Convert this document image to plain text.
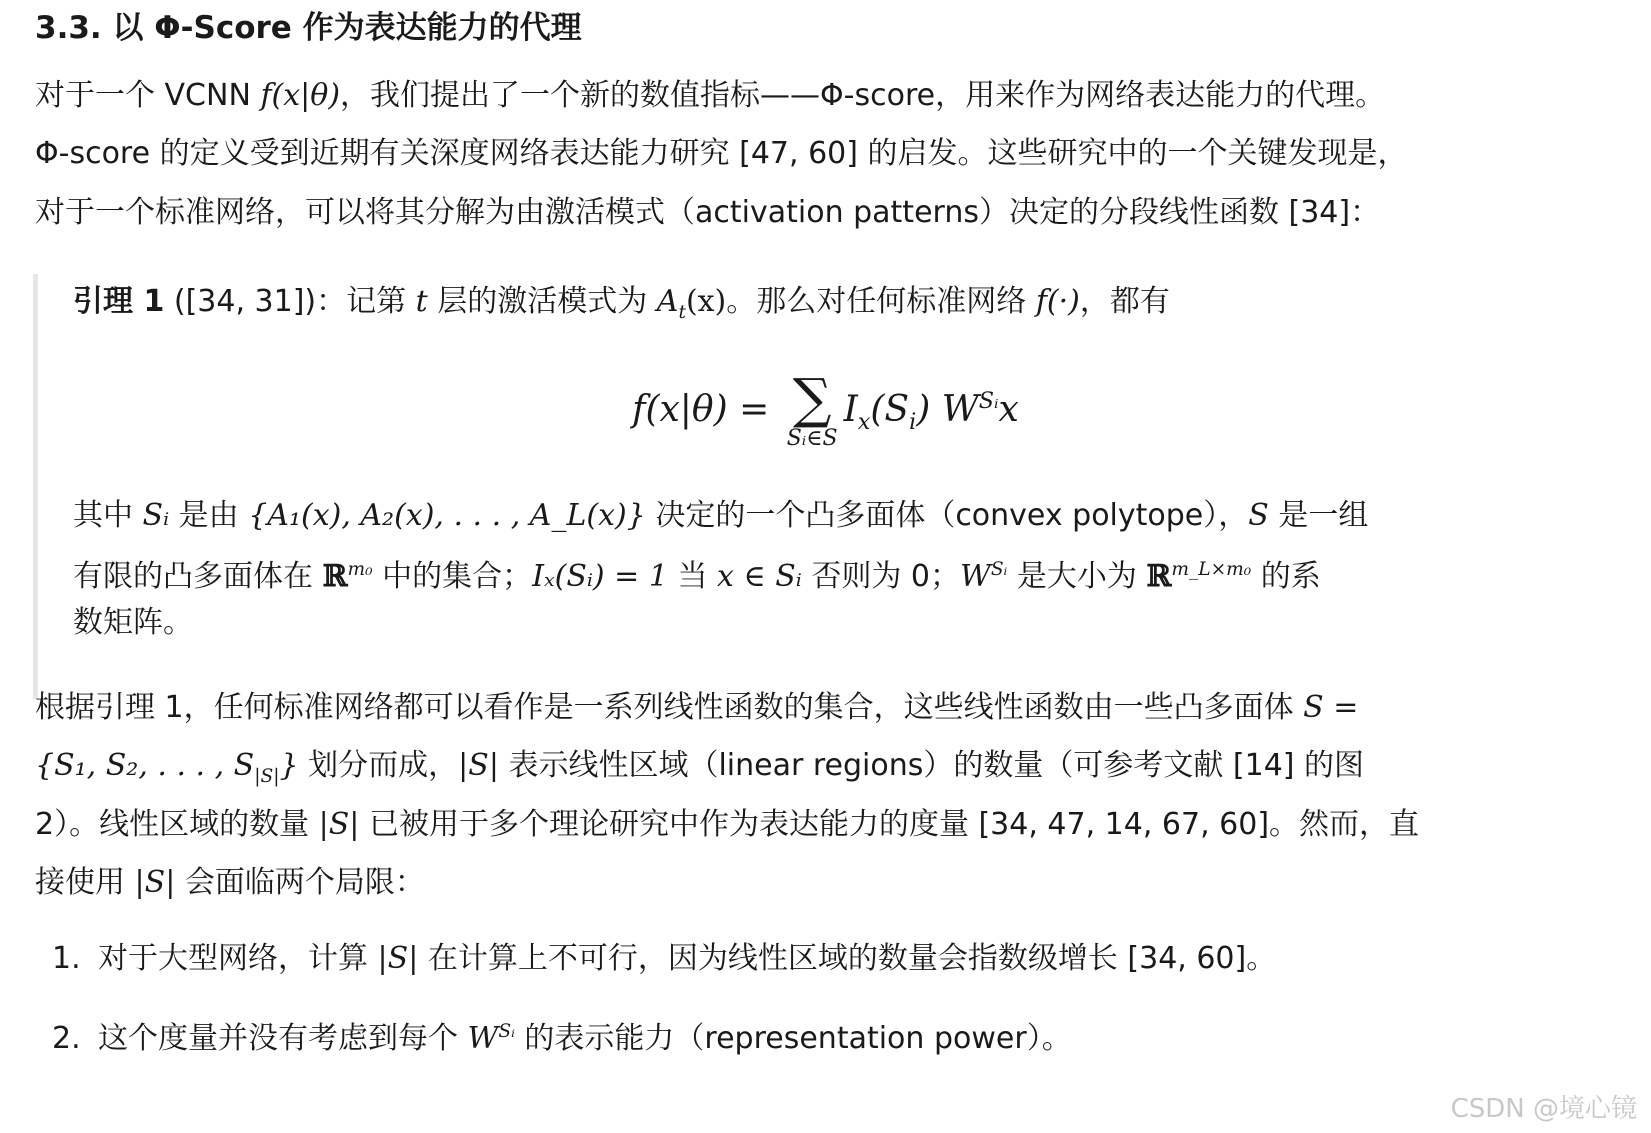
3.3. 以 Φ-Score 作为表达能力的代理
对于一个 VCNN f(x|θ)，我们提出了一个新的数值指标——Φ-score，用来作为网络表达能力的代理。
Φ-score 的定义受到近期有关深度网络表达能力研究 [47, 60] 的启发。这些研究中的一个关键发现是，
对于一个标准网络，可以将其分解为由激活模式（activation patterns）决定的分段线性函数 [34]：
引理 1 ([34, 31])：记第 t 层的激活模式为 $A_t(x)$。那么对任何标准网络 f(·)，都有
f(x|θ) = ∑
Sᵢ∈S
$I_x(S_i)$ $W^{Sᵢ}x$
其中 Sᵢ 是由 {A₁(x), A₂(x), . . . , A_L(x)} 决定的一个凸多面体（convex polytope），S 是一组
有限的凸多面体在 ℝ$^{m_0}$ 中的集合；Iₓ(Sᵢ) = 1 当 x ∈ Sᵢ 否则为 0；$W^{Sᵢ}$ 是大小为 ℝ$^{m\_L\times m_0}$ 的系
数矩阵。
根据引理 1，任何标准网络都可以看作是一系列线性函数的集合，这些线性函数由一些凸多面体 S =
{S₁, S₂, . . . , $S_{|S|}$} 划分而成，|S| 表示线性区域（linear regions）的数量（可参考文献 [14] 的图
2）。线性区域的数量 |S| 已被用于多个理论研究中作为表达能力的度量 [34, 47, 14, 67, 60]。然而，直
接使用 |S| 会面临两个局限：
1. 对于大型网络，计算 |S| 在计算上不可行，因为线性区域的数量会指数级增长 [34, 60]。
2. 这个度量并没有考虑到每个 $W^{Sᵢ}$ 的表示能力（representation power）。
CSDN @境心镜
